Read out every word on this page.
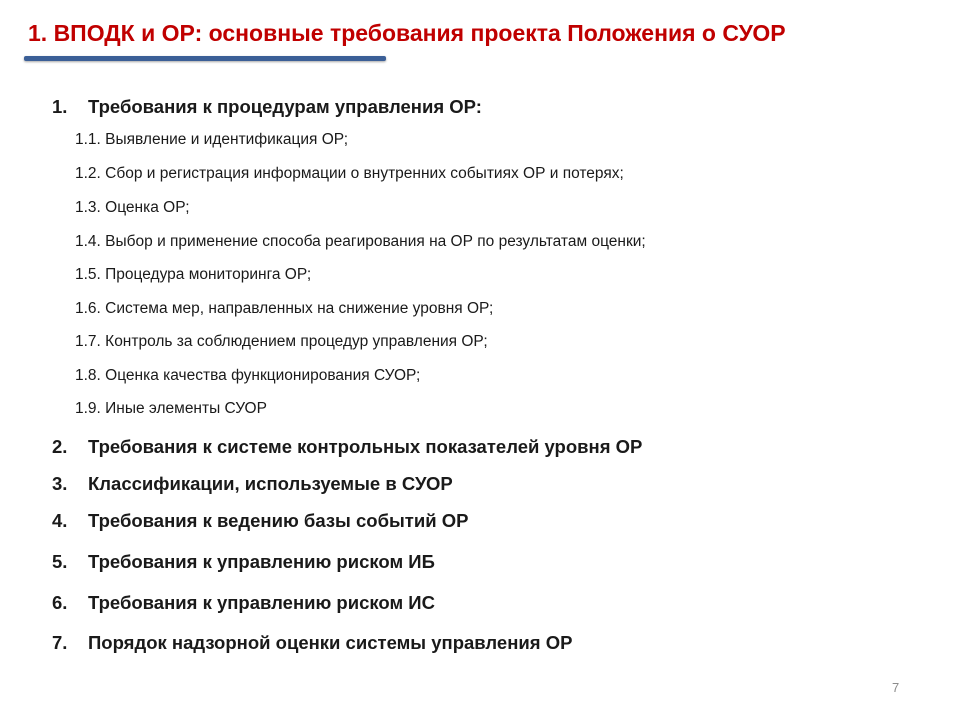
1. ВПОДК и ОР: основные требования проекта Положения о СУОР
1. Требования к процедурам управления ОР:
1.1. Выявление и идентификация ОР;
1.2. Сбор и регистрация информации о внутренних событиях ОР и потерях;
1.3. Оценка ОР;
1.4. Выбор и применение способа реагирования на ОР по результатам оценки;
1.5. Процедура мониторинга ОР;
1.6. Система мер, направленных на снижение уровня ОР;
1.7. Контроль за соблюдением процедур управления ОР;
1.8. Оценка качества функционирования СУОР;
1.9. Иные элементы СУОР
2. Требования к системе контрольных показателей уровня ОР
3. Классификации, используемые в СУОР
4. Требования к ведению базы событий ОР
5. Требования к управлению риском ИБ
6. Требования к управлению риском ИС
7. Порядок надзорной оценки системы управления ОР
7
